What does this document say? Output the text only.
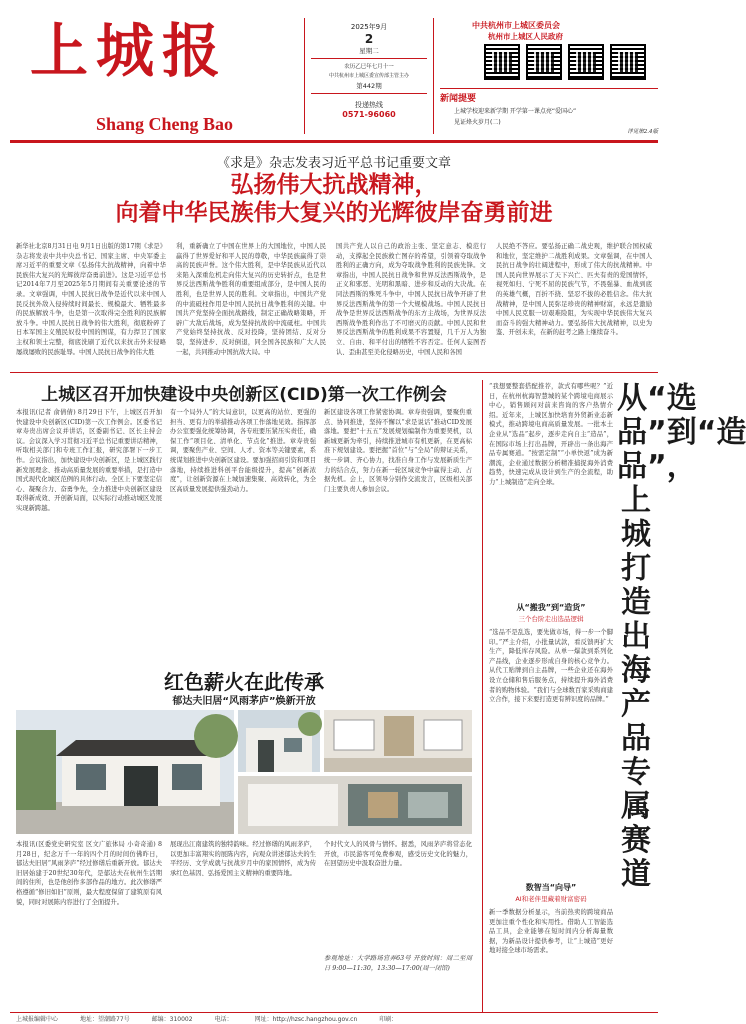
上城报
Shang Cheng Bao
2025年9月
2
星期二
农历乙巳年七月十一
中共杭州市上城区委宣传部主管主办
第442期
投递热线
0571-96060
中共杭州市上城区委员会
杭州市上城区人民政府
新闻提要
上城学校迎来新学期 开学第一课点亮“爱国心”
见证烽火岁月(二)
详见第2.4版
《求是》杂志发表习近平总书记重要文章
弘扬伟大抗战精神，
向着中华民族伟大复兴的光辉彼岸奋勇前进
新华社北京8月31日电 9月1日出版的第17期《求是》杂志将发表中共中央总书记、国家主席、中央军委主席习近平的重要文章《弘扬伟大抗战精神，向着中华民族伟大复兴的光辉彼岸奋勇前进》。这是习近平总书记2014年7月至2025年5月期间有关重要论述的节录。文章强调，中国人民抗日战争是近代以来中国人民反抗外敌入侵持续时间最长、规模最大、牺牲最多的民族解放斗争，也是第一次取得完全胜利的民族解放斗争。中国人民抗日战争的伟大胜利，彻底粉碎了日本军国主义殖民奴役中国的图谋，有力捍卫了国家主权和领土完整，彻底洗刷了近代以来抗击外来侵略屡战屡败的民族耻辱。中国人民抗日战争的伟大胜
利，重新确立了中国在世界上的大国地位，中国人民赢得了世界爱好和平人民的尊敬，中华民族赢得了崇高的民族声誉。这个伟大胜利，是中华民族从近代以来陷入深重危机走向伟大复兴的历史转折点，也是世界反法西斯战争胜利的重要组成部分，是中国人民的胜利，也是世界人民的胜利。文章指出，中国共产党的中流砥柱作用是中国人民抗日战争胜利的关键。中国共产党坚持全面抗战路线，制定正确战略策略，开辟广大敌后战场，成为坚持抗战的中流砥柱。中国共产党始终坚持抗战、反对投降，坚持团结、反对分裂，坚持进步、反对倒退，同全国各民族和广大人民一起，共同推动中国抗战大局。中
国共产党人以自己的政治主张、坚定意志、模范行动，支撑起全民族救亡图存的希望，引领着夺取战争胜利的正确方向，成为夺取战争胜利的民族先锋。文章指出，中国人民抗日战争和世界反法西斯战争，是正义和邪恶、光明和黑暗、进步和反动的大决战。在同法西斯的殊死斗争中，中国人民抗日战争开辟了世界反法西斯战争的第一个大规模战场。中国人民抗日战争是世界反法西斯战争的东方主战场，为世界反法西斯战争胜利作出了不可磨灭的贡献。中国人民和世界反法西斯战争的胜利成果不容置疑，几千万人为独立、自由、和平付出的牺牲不容否定。任何人妄图否认、歪曲甚至美化侵略历史，中国人民和各国
人民绝不答应。要弘扬正确二战史观，维护联合国权威和地位，坚定维护二战胜利成果。文章强调，在中国人民抗日战争的壮阔进程中，形成了伟大的抗战精神。中国人民向世界展示了天下兴亡、匹夫有责的爱国情怀，视死如归、宁死不屈的民族气节，不畏强暴、血战到底的英雄气概，百折不挠、坚忍不拔的必胜信念。伟大抗战精神，是中国人民弥足珍贵的精神财富，永远是激励中国人民克服一切艰难险阻，为实现中华民族伟大复兴而奋斗的强大精神动力。要弘扬伟大抗战精神，以史为鉴、开创未来，在新的赶考之路上继续奋斗。
上城区召开加快建设中央创新区(CID)第一次工作例会
本报讯(记者 俞倩倩) 8月29日下午，上城区召开加快建设中央创新区(CID)第一次工作例会。区委书记章寿贵出席会议并讲话，区委副书记、区长主持会议。会议深入学习贯彻习近平总书记重要讲话精神，听取相关部门和专班工作汇报，研究部署下一步工作。会议指出，加快建设中央创新区，是上城区践行新发展理念、推动高质量发展的重要举措，是打造中国式现代化城区范例的具体行动。全区上下要坚定信心、凝聚合力、奋勇争先，全力推进中央创新区建设取得新成效、开创新局面，以实际行动推动城区发展实现新跨越。
有一个局外人”的大局意识，以更高的站位、更强的担当、更有力的举措推动各项工作落地见效。指挥部办公室要强化统筹协调，各专班要压紧压实责任，确保工作“项目化、清单化、节点化”推进。章寿贵强调，要聚焦产业、空间、人才、资本等关键要素，系统谋划推进中央创新区建设。要加强招商引资和项目落地，持续推进科创平台能级提升，提高“创新浓度”，让创新资源在上城加速集聚、高效转化，为全区高质量发展提供强劲动力。
新区建设各项工作紧密协调。章寿贵强调，要聚焦重点、协同推进，坚持不懈以“求是说话”推动CID发展落地。要把“十五五”发展规划编制作为重要契机，以新城更新为牵引，持续推进城市有机更新，在更高标准下规划建设。要把握“首位”与“全局”的辩证关系，统一步调、齐心协力，找准自身工作与发展新质生产力的结合点，努力在新一轮区域竞争中赢得主动、占据先机。会上，区领导分别作交流发言，区级相关部门主要负责人参加会议。
“我想要整套搭配推荐，款式有哪些呢？”近日，在杭州杭海智慧城的某个跨境电商展示中心，销售顾问对前来咨询的客户热情介绍。近年来，上城区加快培育外贸新业态新模式，推动跨境电商高质量发展。一批本土企业从“选品”起步，逐步走向自主“造品”，在国际市场上打出品牌，开辟出一条出海产品专属赛道。“按需定制”“小单快返”成为新潮流，企业通过数据分析精准捕捉海外消费趋势，快速完成从设计到生产的全流程，助力“上城制造”走向全球。
从“选品”到“造品”，上城打造出海产品专属赛道
从“搬我”到“造货”
三个台阶走出选品逻辑
“选品不是乱选，要先做市场，得一步一个脚印。”严主介绍，小批量试款，看反馈再扩大生产，降低库存风险。从单一爆款到系列化产品线，企业逐步形成自身的核心竞争力。从代工贴牌到自主品牌，一些企业还在海外设立仓储和售后服务点，持续提升海外消费者的购物体验。“我们与全球数百家采购商建立合作，接下来要打造更有辨识度的品牌。”
数智当“向导”
AI和老伴里藏着财富密码
新一季数据分析显示，当前热卖的跨境商品更加注重个性化和实用性。借助人工智能选品工具，企业能够在短时间内分析海量数据，为新品设计提供参考，让“上城造”更好地对接全球市场需求。
红色薪火在此传承
郁达夫旧居“风雨茅庐”焕新开放
本报讯(区委党史研究室 区文广旅体局 小奇奇通) 8月28日，纪念万千一年的四个月的时间仿佛昨日，郁达夫旧居“风雨茅庐”经过修缮后重新开放。郁达夫旧居始建于20世纪30年代，是郁达夫在杭州生活期间的住所，也是他创作多部作品的地方。此次修缮严格遵循“修旧如旧”原则，最大程度保留了建筑原有风貌，同时对展陈内容进行了全面提升。
展现出江南建筑的独特韵味。经过修缮的风雨茅庐，以更加丰富翔实的展陈内容，向观众讲述郁达夫的生平经历、文学成就与抗战岁月中的家国情怀，成为传承红色基因、弘扬爱国主义精神的重要阵地。
个时代文人的风骨与情怀。据悉，风雨茅庐将常态化开放，市民游客可免费参观，感受历史文化的魅力，在回望历史中汲取奋进力量。
参观地址：大学路场官弄63号 开放时间：周二至周日 9:00—11:30，13:30—17:00(周一闭馆)
上城报编辑中心	地址：望潮路77号	邮编：310002	电话：	网址：http://hzsc.hangzhou.gov.cn	印刷：
